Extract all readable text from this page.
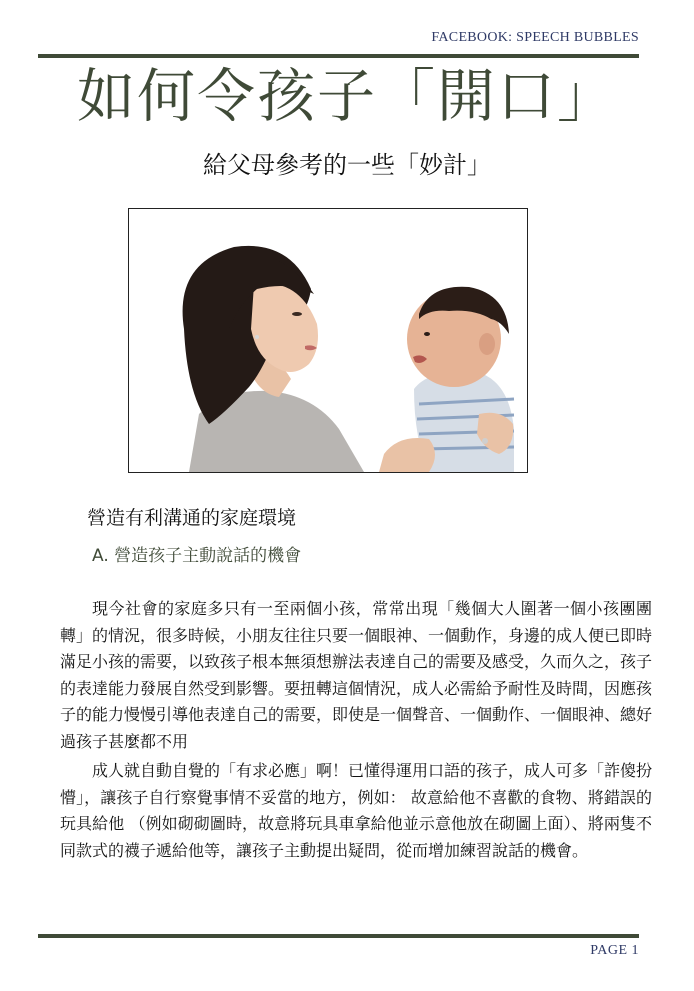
FACEBOOK: SPEECH BUBBLES
如何令孩子「開口」
給父母參考的一些「妙計」
營造有利溝通的家庭環境
A. 營造孩子主動說話的機會

現今社會的家庭多只有一至兩個小孩，常常出現「幾個大人圍著一個小孩團團轉」的情況，很多時候，小朋友往往只要一個眼神、一個動作，身邊的成人便已即時滿足小孩的需要，以致孩子根本無須想辦法表達自己的需要及感受，久而久之，孩子的表達能力發展自然受到影響。要扭轉這個情況，成人必需給予耐性及時間，因應孩子的能力慢慢引導他表達自己的需要，即使是一個聲音、一個動作、一個眼神、總好過孩子甚麼都不用

成人就自動自覺的「有求必應」啊！已懂得運用口語的孩子，成人可多「詐傻扮懵」，讓孩子自行察覺事情不妥當的地方，例如： 故意給他不喜歡的食物、將錯誤的玩具給他 （例如砌砌圖時，故意將玩具車拿給他並示意他放在砌圖上面）、將兩隻不同款式的襪子遞給他等，讓孩子主動提出疑問，從而增加練習說話的機會。

PAGE 1
